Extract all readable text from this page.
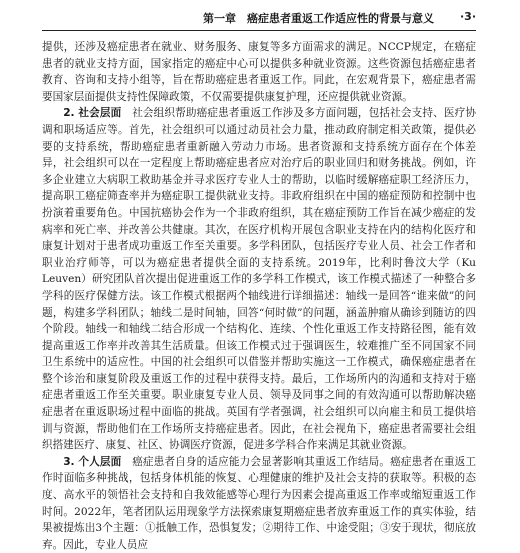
第一章　癌症患者重返工作适应性的背景与意义 ·3·

提供，还涉及癌症患者在就业、财务服务、康复等多方面需求的满足。NCCP规定，在癌症患者的就业支持方面，国家指定的癌症中心可以提供多种就业资源。这些资源包括癌症患者教育、咨询和支持小组等，旨在帮助癌症患者重返工作。同此，在宏观背景下，癌症患者需要国家层面提供支持性保障政策，不仅需要提供康复护理，还应提供就业资源。

2. 社会层面　 社会组织帮助癌症患者重返工作涉及多方面问题，包括社会支持、医疗协调和职场适应等。首先，社会组织可以通过动员社会力量，推动政府制定相关政策，提供必要的支持系统，帮助癌症患者重新融入劳动力市场。患者资源和支持系统方面存在个体差异，社会组织可以在一定程度上帮助癌症患者应对治疗后的职业回归和财务挑战。例如，许多企业建立大病职工救助基金并寻求医疗专业人士的帮助，以临时缓解癌症职工经济压力，提高职工癌症筛查率并为癌症职工提供就业支持。非政府组织在中国的癌症预防和控制中也扮演着重要角色。中国抗癌协会作为一个非政府组织，其在癌症预防工作旨在减少癌症的发病率和死亡率、并改善公共健康。其次，在医疗机构开展包含职业支持在内的结构化医疗和康复计划对于患者成功重返工作至关重要。多学科团队，包括医疗专业人员、社会工作者和职业治疗师等，可以为癌症患者提供全面的支持系统。2019年，比利时鲁汶大学（Ku Leuven）研究团队首次提出促进重返工作的多学科工作模式，该工作模式描述了一种整合多学科的医疗保健方法。该工作模式根据两个轴线进行详细描述：轴线一是回答“谁来做”的问题，构建多学科团队；轴线二是时间轴，回答“何时做”的问题，涵盖肿瘤从确诊到随访的四个阶段。轴线一和轴线二结合形成一个结构化、连续、个性化重返工作支持路径图，能有效提高重返工作率并改善其生活质量。但该工作模式过于强调医生，较难推广至不同国家不同卫生系统中的适应性。中国的社会组织可以借鉴并帮助实施这一工作模式，确保癌症患者在整个诊治和康复阶段及重返工作的过程中获得支持。最后，工作场所内的沟通和支持对于癌症患者重返工作至关重要。职业康复专业人员、领导及同事之间的有效沟通可以帮助解决癌症患者在重返职场过程中面临的挑战。英国有学者强调，社会组织可以向雇主和员工提供培训与资源，帮助他们在工作场所支持癌症患者。因此，在社会视角下，癌症患者需要社会组织搭建医疗、康复、社区、协调医疗资源，促进多学科合作来满足其就业资源。

3. 个人层面　 癌症患者自身的适应能力会显著影响其重返工作结局。癌症患者在重返工作时面临多种挑战，包括身体机能的恢复、心理健康的维护及社会支持的获取等。积极的态度、高水平的领悟社会支持和自我效能感等心理行为因素会提高重返工作率或缩短重返工作时间。2022年，笔者团队运用现象学方法探索康复期癌症患者放弃重返工作的真实体验，结果被提炼出3个主题：①抵触工作，恐惧复发；②期待工作、中途受阻；③安于现状，彻底放弃。因此，专业人员应
